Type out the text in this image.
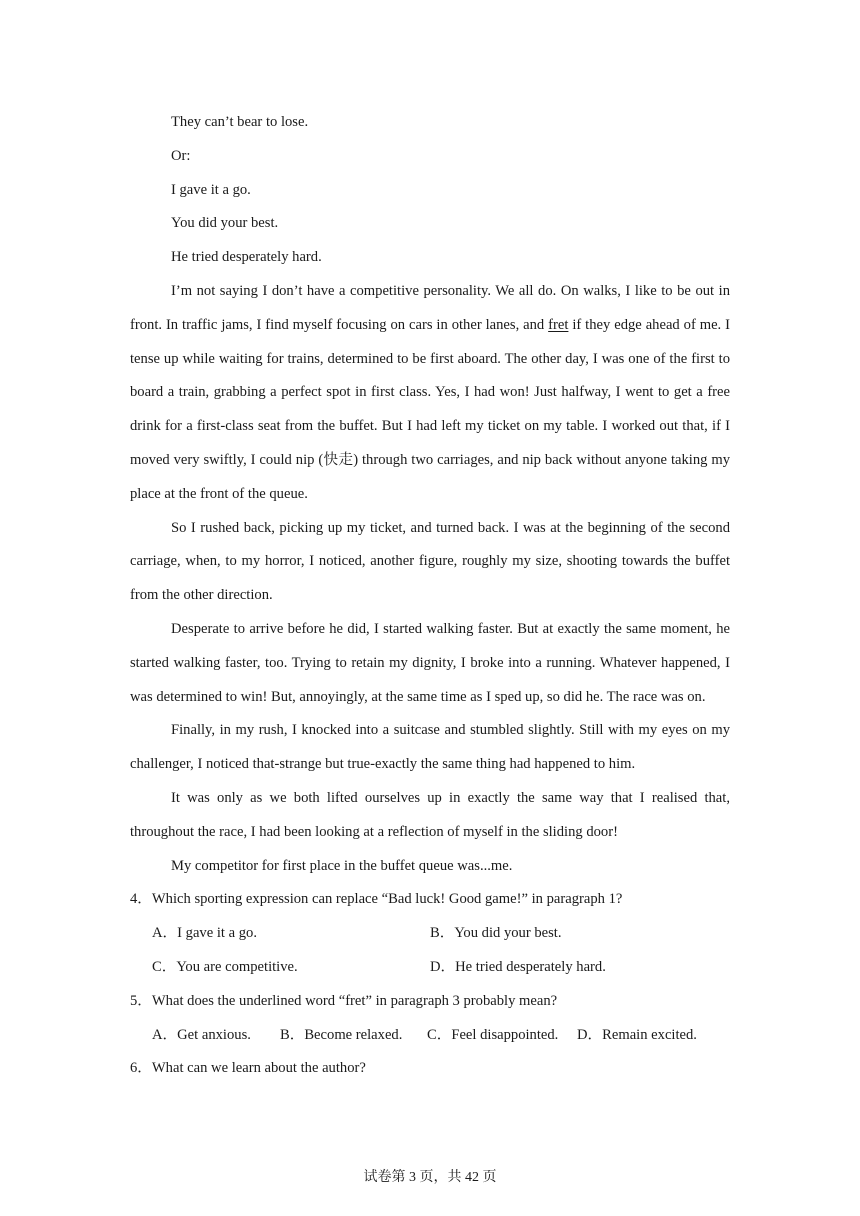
They can’t bear to lose.

Or:

I gave it a go.

You did your best.

He tried desperately hard.

I’m not saying I don’t have a competitive personality. We all do. On walks, I like to be out in front. In traffic jams, I find myself focusing on cars in other lanes, and fret if they edge ahead of me. I tense up while waiting for trains, determined to be first aboard. The other day, I was one of the first to board a train, grabbing a perfect spot in first class. Yes, I had won! Just halfway, I went to get a free drink for a first-class seat from the buffet. But I had left my ticket on my table. I worked out that, if I moved very swiftly, I could nip (快走) through two carriages, and nip back without anyone taking my place at the front of the queue.

So I rushed back, picking up my ticket, and turned back. I was at the beginning of the second carriage, when, to my horror, I noticed, another figure, roughly my size, shooting towards the buffet from the other direction.

Desperate to arrive before he did, I started walking faster. But at exactly the same moment, he started walking faster, too. Trying to retain my dignity, I broke into a running. Whatever happened, I was determined to win! But, annoyingly, at the same time as I sped up, so did he. The race was on.

Finally, in my rush, I knocked into a suitcase and stumbled slightly. Still with my eyes on my challenger, I noticed that-strange but true-exactly the same thing had happened to him.

It was only as we both lifted ourselves up in exactly the same way that I realised that, throughout the race, I had been looking at a reflection of myself in the sliding door!

My competitor for first place in the buffet queue was...me.

4．Which sporting expression can replace “Bad luck! Good game!” in paragraph 1?

A．I gave it a go.	B．You did your best.
C．You are competitive.	D．He tried desperately hard.

5．What does the underlined word “fret” in paragraph 3 probably mean?

A．Get anxious.	B．Become relaxed.	C．Feel disappointed.	D．Remain excited.

6．What can we learn about the author?

试卷第 3 页，共 42 页
